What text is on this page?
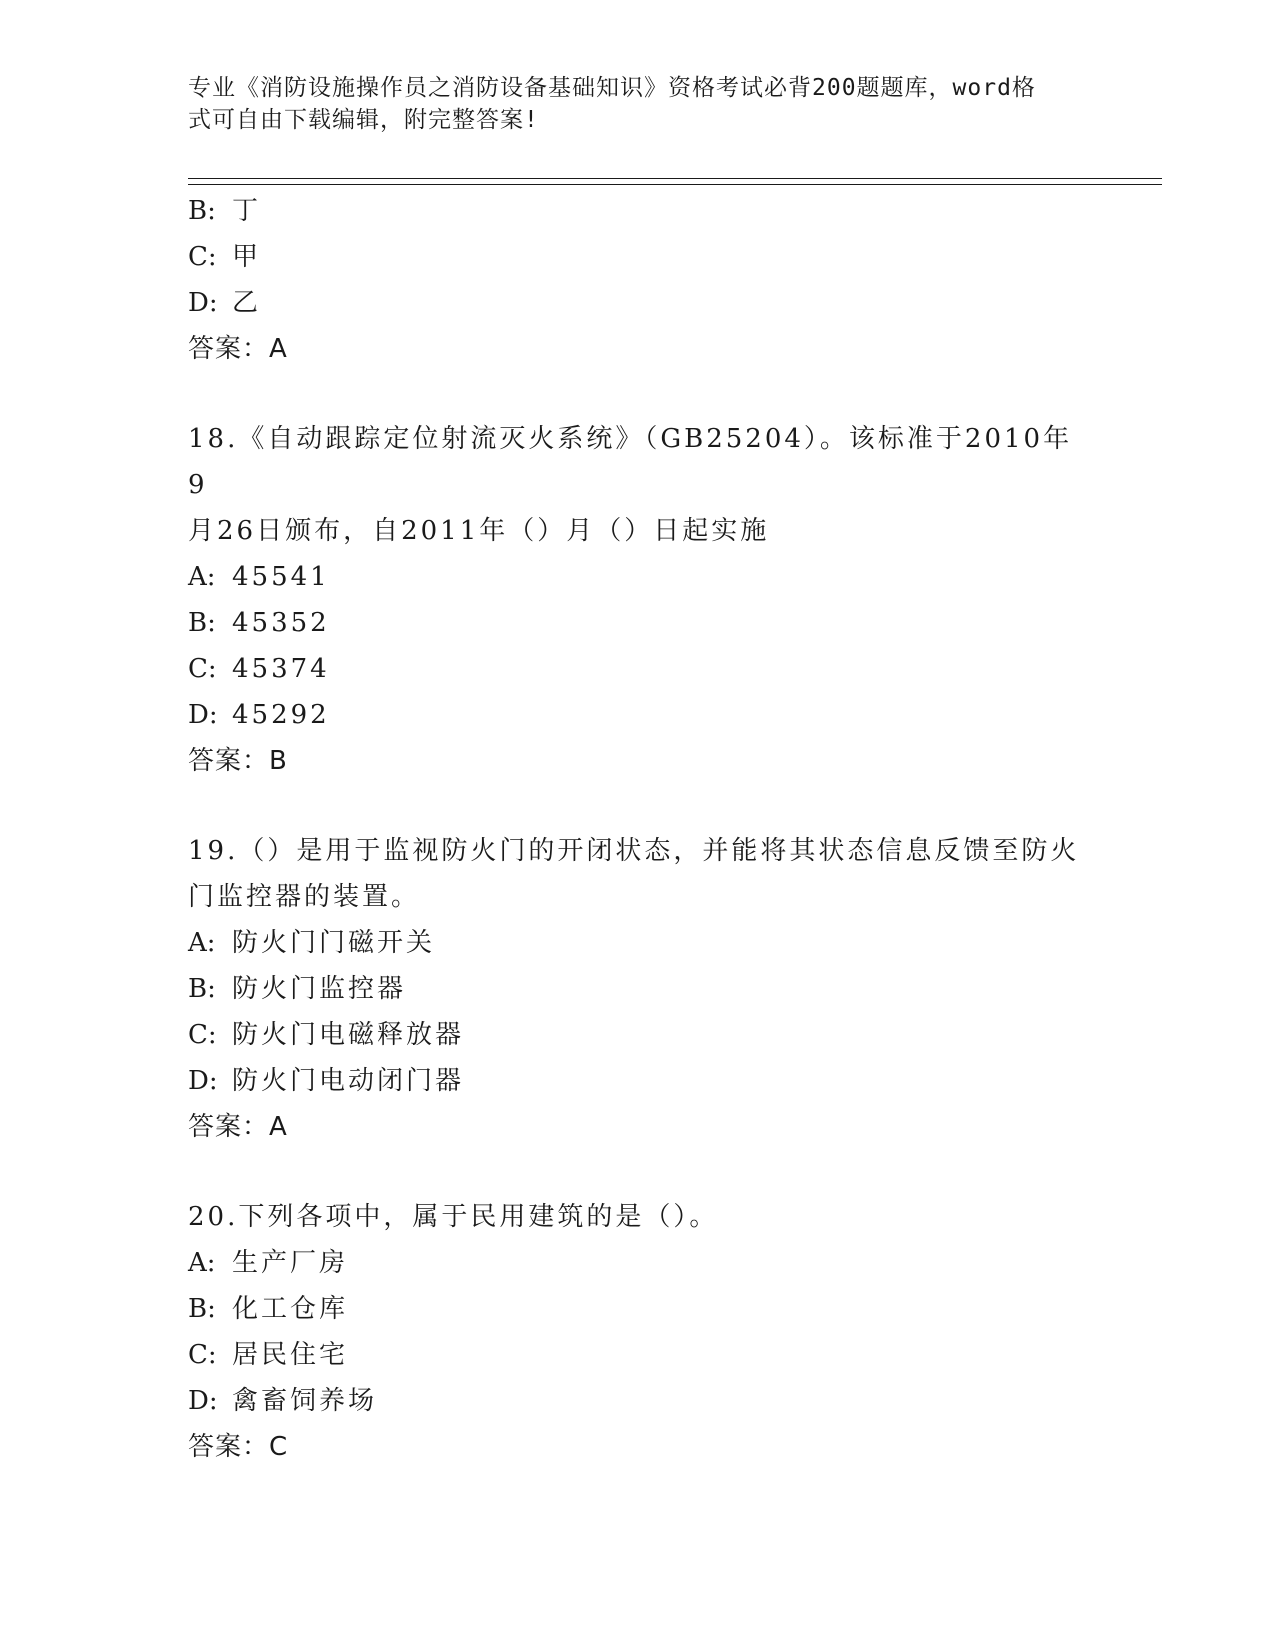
专业《消防设施操作员之消防设备基础知识》资格考试必背200题题库，word格
式可自由下载编辑，附完整答案!
B: 丁
C: 甲
D: 乙
答案：A
18.《自动跟踪定位射流灭火系统》（GB25204）。该标准于2010年9
月26日颁布，自2011年（）月（）日起实施
A: 45541
B: 45352
C: 45374
D: 45292
答案：B
19.（）是用于监视防火门的开闭状态，并能将其状态信息反馈至防火
门监控器的装置。
A: 防火门门磁开关
B: 防火门监控器
C: 防火门电磁释放器
D: 防火门电动闭门器
答案：A
20.下列各项中，属于民用建筑的是（）。
A: 生产厂房
B: 化工仓库
C: 居民住宅
D: 禽畜饲养场
答案：C
